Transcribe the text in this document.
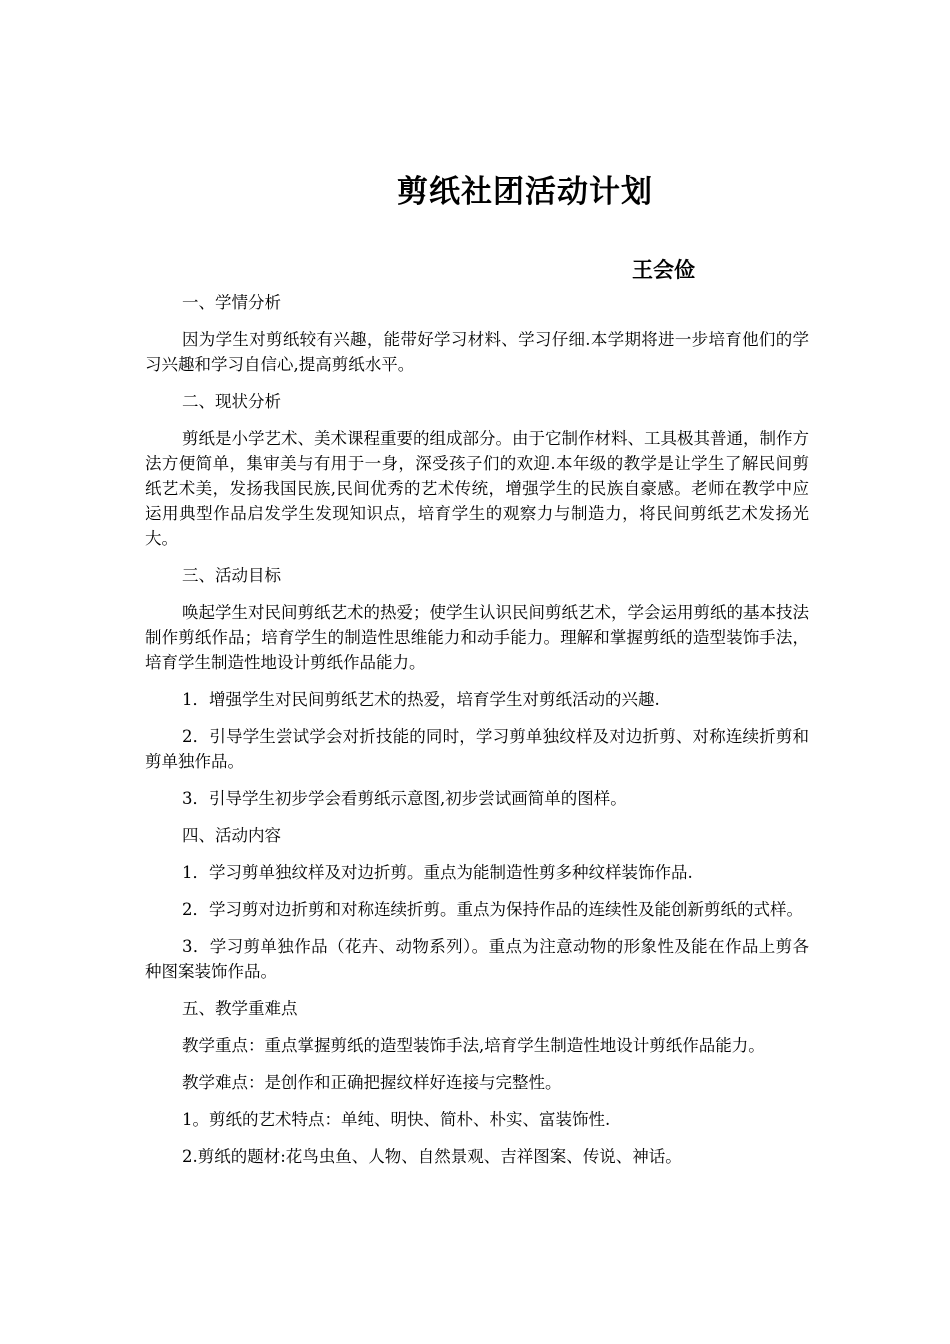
剪纸社团活动计划
王会俭

一、学情分析

因为学生对剪纸较有兴趣，能带好学习材料、学习仔细.本学期将进一步培育他们的学习兴趣和学习自信心,提高剪纸水平。

二、现状分析

剪纸是小学艺术、美术课程重要的组成部分。由于它制作材料、工具极其普通，制作方法方便简单，集审美与有用于一身，深受孩子们的欢迎.本年级的教学是让学生了解民间剪纸艺术美，发扬我国民族,民间优秀的艺术传统，增强学生的民族自豪感。老师在教学中应运用典型作品启发学生发现知识点，培育学生的观察力与制造力，将民间剪纸艺术发扬光大。

三、活动目标

唤起学生对民间剪纸艺术的热爱；使学生认识民间剪纸艺术，学会运用剪纸的基本技法制作剪纸作品；培育学生的制造性思维能力和动手能力。理解和掌握剪纸的造型装饰手法，培育学生制造性地设计剪纸作品能力。

1．增强学生对民间剪纸艺术的热爱，培育学生对剪纸活动的兴趣.

2．引导学生尝试学会对折技能的同时，学习剪单独纹样及对边折剪、对称连续折剪和剪单独作品。

3．引导学生初步学会看剪纸示意图,初步尝试画简单的图样。

四、活动内容

1．学习剪单独纹样及对边折剪。重点为能制造性剪多种纹样装饰作品.

2．学习剪对边折剪和对称连续折剪。重点为保持作品的连续性及能创新剪纸的式样。

3．学习剪单独作品（花卉、动物系列）。重点为注意动物的形象性及能在作品上剪各种图案装饰作品。

五、教学重难点

教学重点：重点掌握剪纸的造型装饰手法,培育学生制造性地设计剪纸作品能力。

教学难点：是创作和正确把握纹样好连接与完整性。

1。剪纸的艺术特点：单纯、明快、简朴、朴实、富装饰性.

2.剪纸的题材:花鸟虫鱼、人物、自然景观、吉祥图案、传说、神话。
